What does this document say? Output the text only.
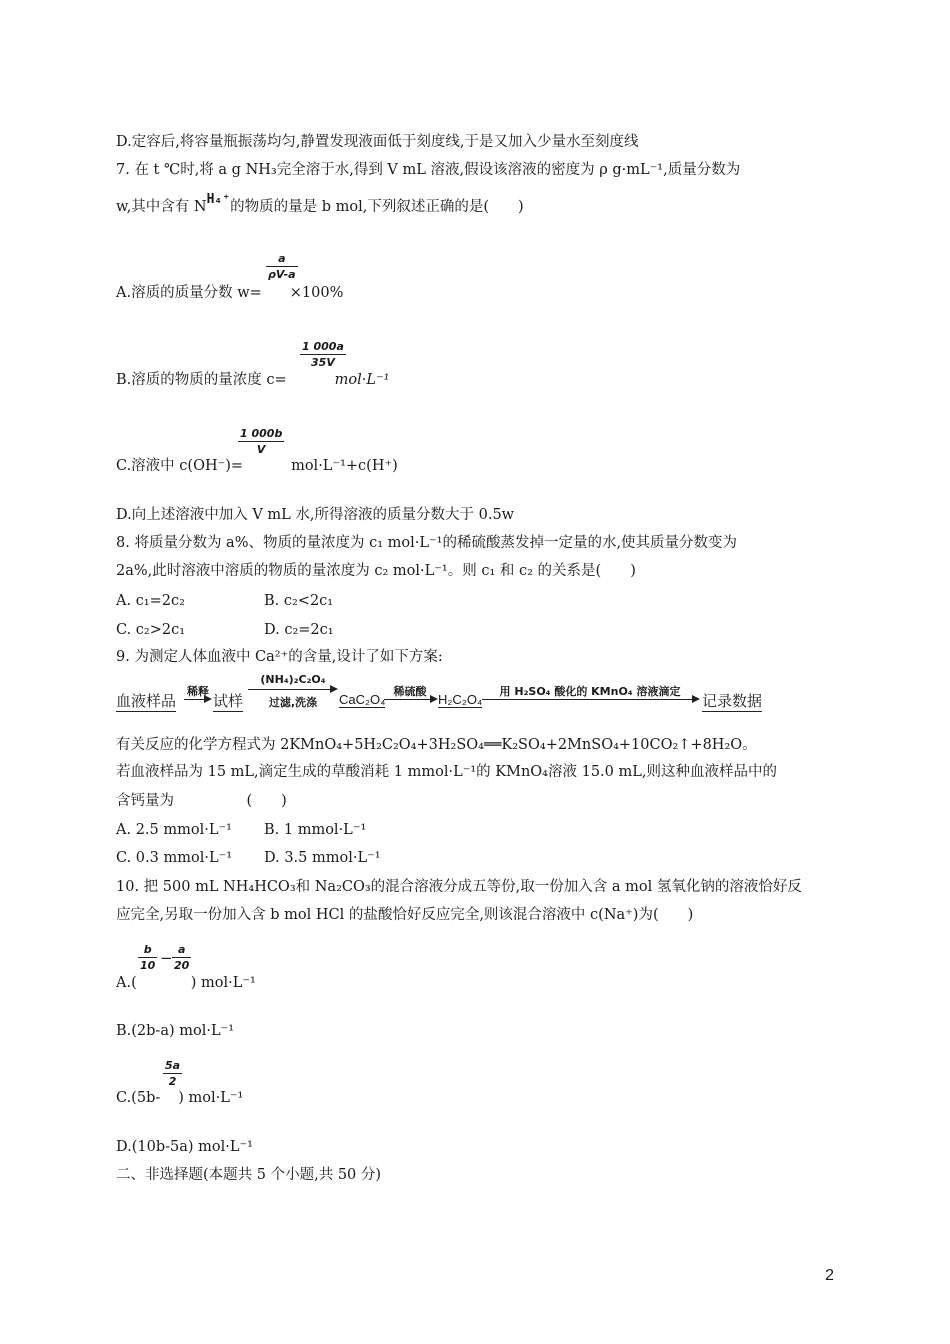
D.定容后,将容量瓶振荡均匀,静置发现液面低于刻度线,于是又加入少量水至刻度线
7. 在 t ℃时,将 a g NH₃完全溶于水,得到 V mL 溶液,假设该溶液的密度为 ρ g·mL⁻¹,质量分数为
w,其中含有 NH₄⁺的物质的量是 b mol,下列叙述正确的是(　　)
a
ρV-a
A.溶质的质量分数 w= ×100%
1 000a
35V
B.溶质的物质的量浓度 c=	mol·L⁻¹
1 000b
V
C.溶液中 c(OH⁻)=	mol·L⁻¹+c(H⁺)
D.向上述溶液中加入 V mL 水,所得溶液的质量分数大于 0.5w
8. 将质量分数为 a%、物质的量浓度为 c₁ mol·L⁻¹的稀硫酸蒸发掉一定量的水,使其质量分数变为
2a%,此时溶液中溶质的物质的量浓度为 c₂ mol·L⁻¹。则 c₁ 和 c₂ 的关系是(　　)
A. c₁=2c₂	B. c₂<2c₁
C. c₂>2c₁	D. c₂=2c₁
9. 为测定人体血液中 Ca²⁺的含量,设计了如下方案:
血液样品
稀释
试样
(NH₄)₂C₂O₄
过滤,洗涤	CaC₂O₄
稀硫酸
H₂C₂O₄
用 H₂SO₄ 酸化的 KMnO₄ 溶液滴定
记录数据
有关反应的化学方程式为 2KMnO₄+5H₂C₂O₄+3H₂SO₄══K₂SO₄+2MnSO₄+10CO₂↑+8H₂O。
若血液样品为 15 mL,滴定生成的草酸消耗 1 mmol·L⁻¹的 KMnO₄溶液 15.0 mL,则这种血液样品中的
含钙量为　　　　　(　　)
A. 2.5 mmol·L⁻¹ B. 1 mmol·L⁻¹
C. 0.3 mmol·L⁻¹ D. 3.5 mmol·L⁻¹
10. 把 500 mL NH₄HCO₃和 Na₂CO₃的混合溶液分成五等份,取一份加入含 a mol 氢氧化钠的溶液恰好反
应完全,另取一份加入含 b mol HCl 的盐酸恰好反应完全,则该混合溶液中 c(Na⁺)为(　　)
b
10 − a
20
A.(	) mol·L⁻¹
B.(2b-a) mol·L⁻¹
5a
2
C.(5b- ) mol·L⁻¹
D.(10b-5a) mol·L⁻¹
二、非选择题(本题共 5 个小题,共 50 分)
2
